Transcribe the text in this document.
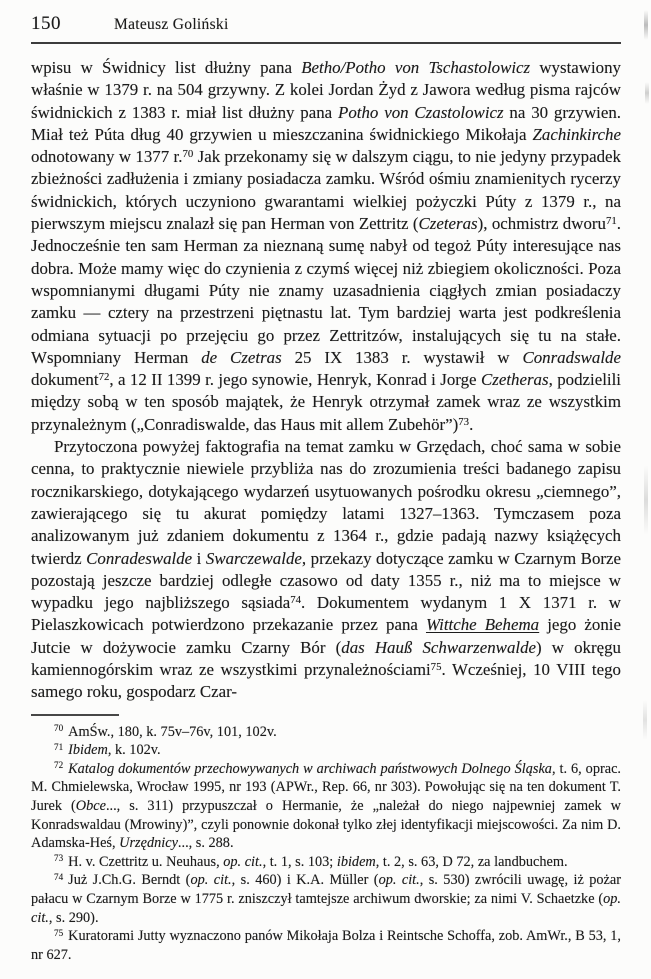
150	Mateusz Goliński

wpisu w Świdnicy list dłużny pana Betho/Potho von Tschastolowicz wystawiony właśnie w 1379 r. na 504 grzywny. Z kolei Jordan Żyd z Jawora według pisma rajców świdnickich z 1383 r. miał list dłużny pana Potho von Czastolowicz na 30 grzywien. Miał też Púta dług 40 grzywien u mieszczanina świdnickiego Mikołaja Zachinkirche odnotowany w 1377 r.$^{70}$ Jak przekonamy się w dalszym ciągu, to nie jedyny przypadek zbieżności zadłużenia i zmiany posiadacza zamku. Wśród ośmiu znamienitych rycerzy świdnickich, których uczyniono gwarantami wielkiej pożyczki Púty z 1379 r., na pierwszym miejscu znalazł się pan Herman von Zettritz (Czeteras), ochmistrz dworu$^{71}$. Jednocześnie ten sam Herman za nieznaną sumę nabył od tegoż Púty interesujące nas dobra. Może mamy więc do czynienia z czymś więcej niż zbiegiem okoliczności. Poza wspomnianymi długami Púty nie znamy uzasadnienia ciągłych zmian posiadaczy zamku — cztery na przestrzeni piętnastu lat. Tym bardziej warta jest podkreślenia odmiana sytuacji po przejęciu go przez Zettritzów, instalujących się tu na stałe. Wspomniany Herman de Czetras 25 IX 1383 r. wystawił w Conradswalde dokument$^{72}$, a 12 II 1399 r. jego synowie, Henryk, Konrad i Jorge Czetheras, podzielili między sobą w ten sposób majątek, że Henryk otrzymał zamek wraz ze wszystkim przynależnym („Conradiswalde, das Haus mit allem Zubehör”)$^{73}$.

Przytoczona powyżej faktografia na temat zamku w Grzędach, choć sama w sobie cenna, to praktycznie niewiele przybliża nas do zrozumienia treści badanego zapisu rocznikarskiego, dotykającego wydarzeń usytuowanych pośrodku okresu „ciemnego”, zawierającego się tu akurat pomiędzy latami 1327–1363. Tymczasem poza analizowanym już zdaniem dokumentu z 1364 r., gdzie padają nazwy książęcych twierdz Conradeswalde i Swarczewalde, przekazy dotyczące zamku w Czarnym Borze pozostają jeszcze bardziej odległe czasowo od daty 1355 r., niż ma to miejsce w wypadku jego najbliższego sąsiada$^{74}$. Dokumentem wydanym 1 X 1371 r. w Pielaszkowicach potwierdzono przekazanie przez pana Wittche Behema jego żonie Jutcie w dożywocie zamku Czarny Bór (das Hauß Schwarzenwalde) w okręgu kamiennogórskim wraz ze wszystkimi przynależnościami$^{75}$. Wcześniej, 10 VIII tego samego roku, gospodarz Czar-

$^{70}$ AmŚw., 180, k. 75v–76v, 101, 102v.

$^{71}$ Ibidem, k. 102v.

$^{72}$ Katalog dokumentów przechowywanych w archiwach państwowych Dolnego Śląska, t. 6, oprac. M. Chmielewska, Wrocław 1995, nr 193 (APWr., Rep. 66, nr 303). Powołując się na ten dokument T. Jurek (Obce..., s. 311) przypuszczał o Hermanie, że „należał do niego najpewniej zamek w Konradswaldau (Mrowiny)”, czyli ponownie dokonał tylko złej identyfikacji miejscowości. Za nim D. Adamska-Heś, Urzędnicy..., s. 288.

$^{73}$ H. v. Czettritz u. Neuhaus, op. cit., t. 1, s. 103; ibidem, t. 2, s. 63, D 72, za landbuchem.

$^{74}$ Już J.Ch.G. Berndt (op. cit., s. 460) i K.A. Müller (op. cit., s. 530) zwrócili uwagę, iż pożar pałacu w Czarnym Borze w 1775 r. zniszczył tamtejsze archiwum dworskie; za nimi V. Schaetzke (op. cit., s. 290).

$^{75}$ Kuratorami Jutty wyznaczono panów Mikołaja Bolza i Reintsche Schoffa, zob. AmWr., B 53, 1, nr 627.
